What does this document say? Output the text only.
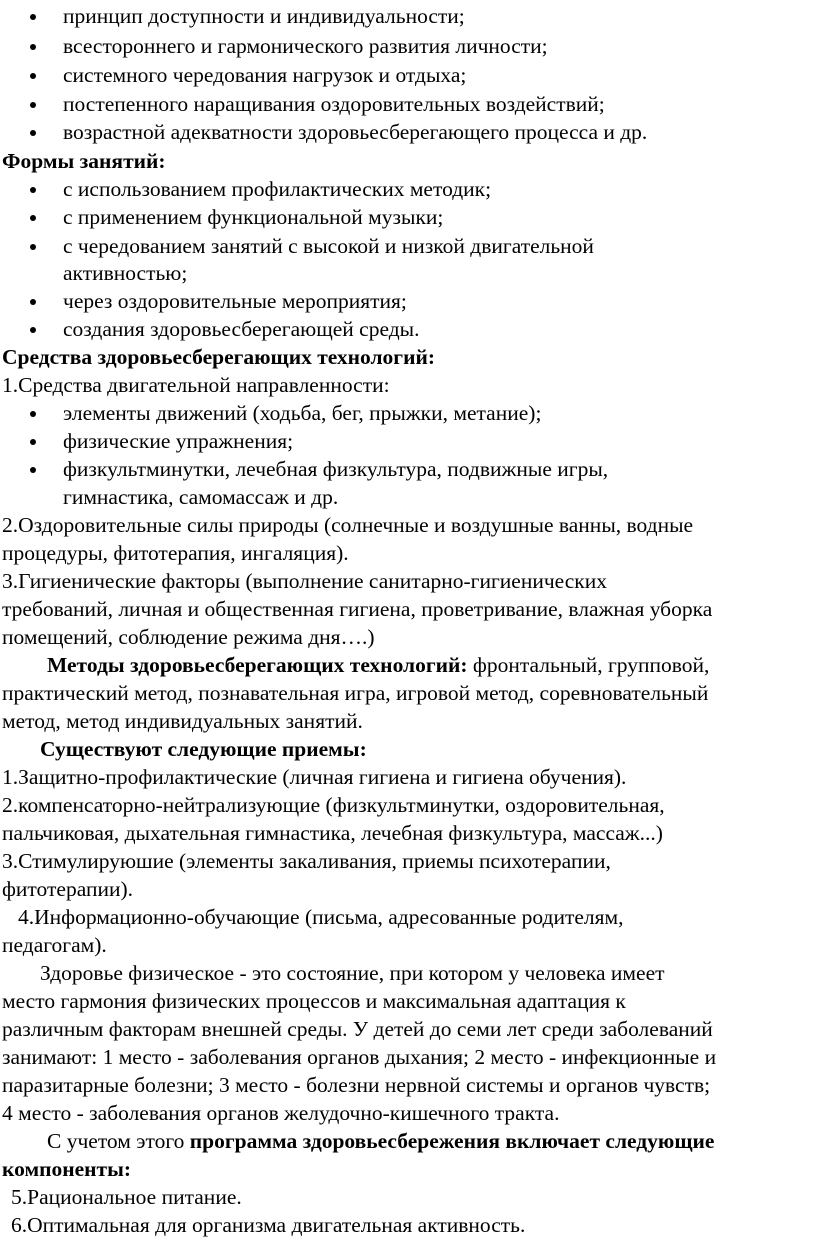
принцип доступности и индивидуальности;
всестороннего и гармонического развития личности;
системного чередования нагрузок и отдыха;
постепенного наращивания оздоровительных воздействий;
возрастной адекватности здоровьесберегающего процесса и др.
Формы занятий:
с использованием профилактических методик;
с применением функциональной музыки;
с чередованием занятий с высокой и низкой двигательной
активностью;
через оздоровительные мероприятия;
создания здоровьесберегающей среды.
Средства здоровьесберегающих технологий:
1.Средства двигательной направленности:
элементы движений (ходьба, бег, прыжки, метание);
физические упражнения;
физкультминутки, лечебная физкультура, подвижные игры,
гимнастика, самомассаж и др.
2.Оздоровительные силы природы (солнечные и воздушные ванны, водные
процедуры, фитотерапия, ингаляция).
3.Гигиенические факторы (выполнение санитарно-гигиенических
требований, личная и общественная гигиена, проветривание, влажная уборка
помещений, соблюдение режима дня….)
Методы здоровьесберегающих технологий: фронтальный, групповой,
практический метод, познавательная игра, игровой метод, соревновательный
метод, метод индивидуальных занятий.
Существуют следующие приемы:
1.Защитно-профилактические (личная гигиена и гигиена обучения).
2.компенсаторно-нейтрализующие (физкультминутки, оздоровительная,
пальчиковая, дыхательная гимнастика, лечебная физкультура, массаж...)
3.Стимулируюшие (элементы закаливания, приемы психотерапии,
фитотерапии).
4.Информационно-обучающие (письма, адресованные родителям,
педагогам).
Здоровье физическое - это состояние, при котором у человека имеет
место гармония физических процессов и максимальная адаптация к
различным факторам внешней среды. У детей до семи лет среди заболеваний
занимают: 1 место - заболевания органов дыхания; 2 место - инфекционные и
паразитарные болезни; 3 место - болезни нервной системы и органов чувств;
4 место - заболевания органов желудочно-кишечного тракта.
С учетом этого программа здоровьесбережения включает следующие
компоненты:
5.Рациональное питание.
6.Оптимальная для организма двигательная активность.
